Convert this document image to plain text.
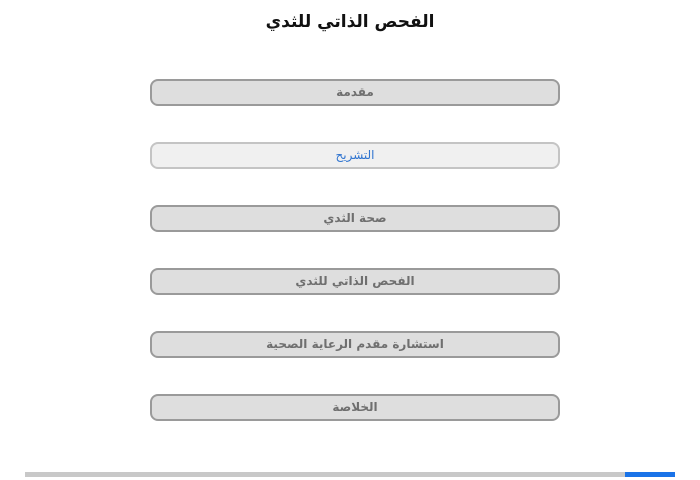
الفحص الذاتي للثدي
مقدمة
التشريح
صحة الثدي
الفحص الذاتي للثدي
استشارة مقدم الرعاية الصحية
الخلاصة
